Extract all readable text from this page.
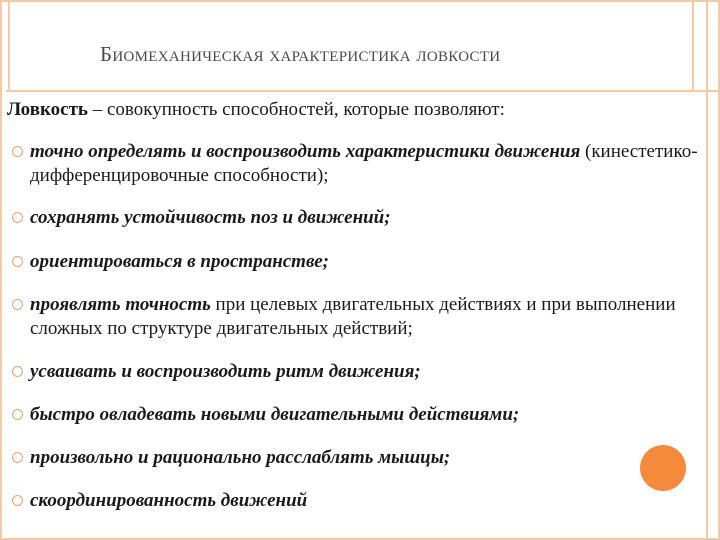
Биомеханическая характеристика ловкости
Ловкость – совокупность способностей, которые позволяют:
точно определять и воспроизводить характеристики движения (кинестетико-дифференцировочные способности);
сохранять устойчивость поз и движений;
ориентироваться в пространстве;
проявлять точность при целевых двигательных действиях и при выполнении сложных по структуре двигательных действий;
усваивать и воспроизводить ритм движения;
быстро овладевать новыми двигательными действиями;
произвольно и рационально расслаблять мышцы;
скоординированность движений
